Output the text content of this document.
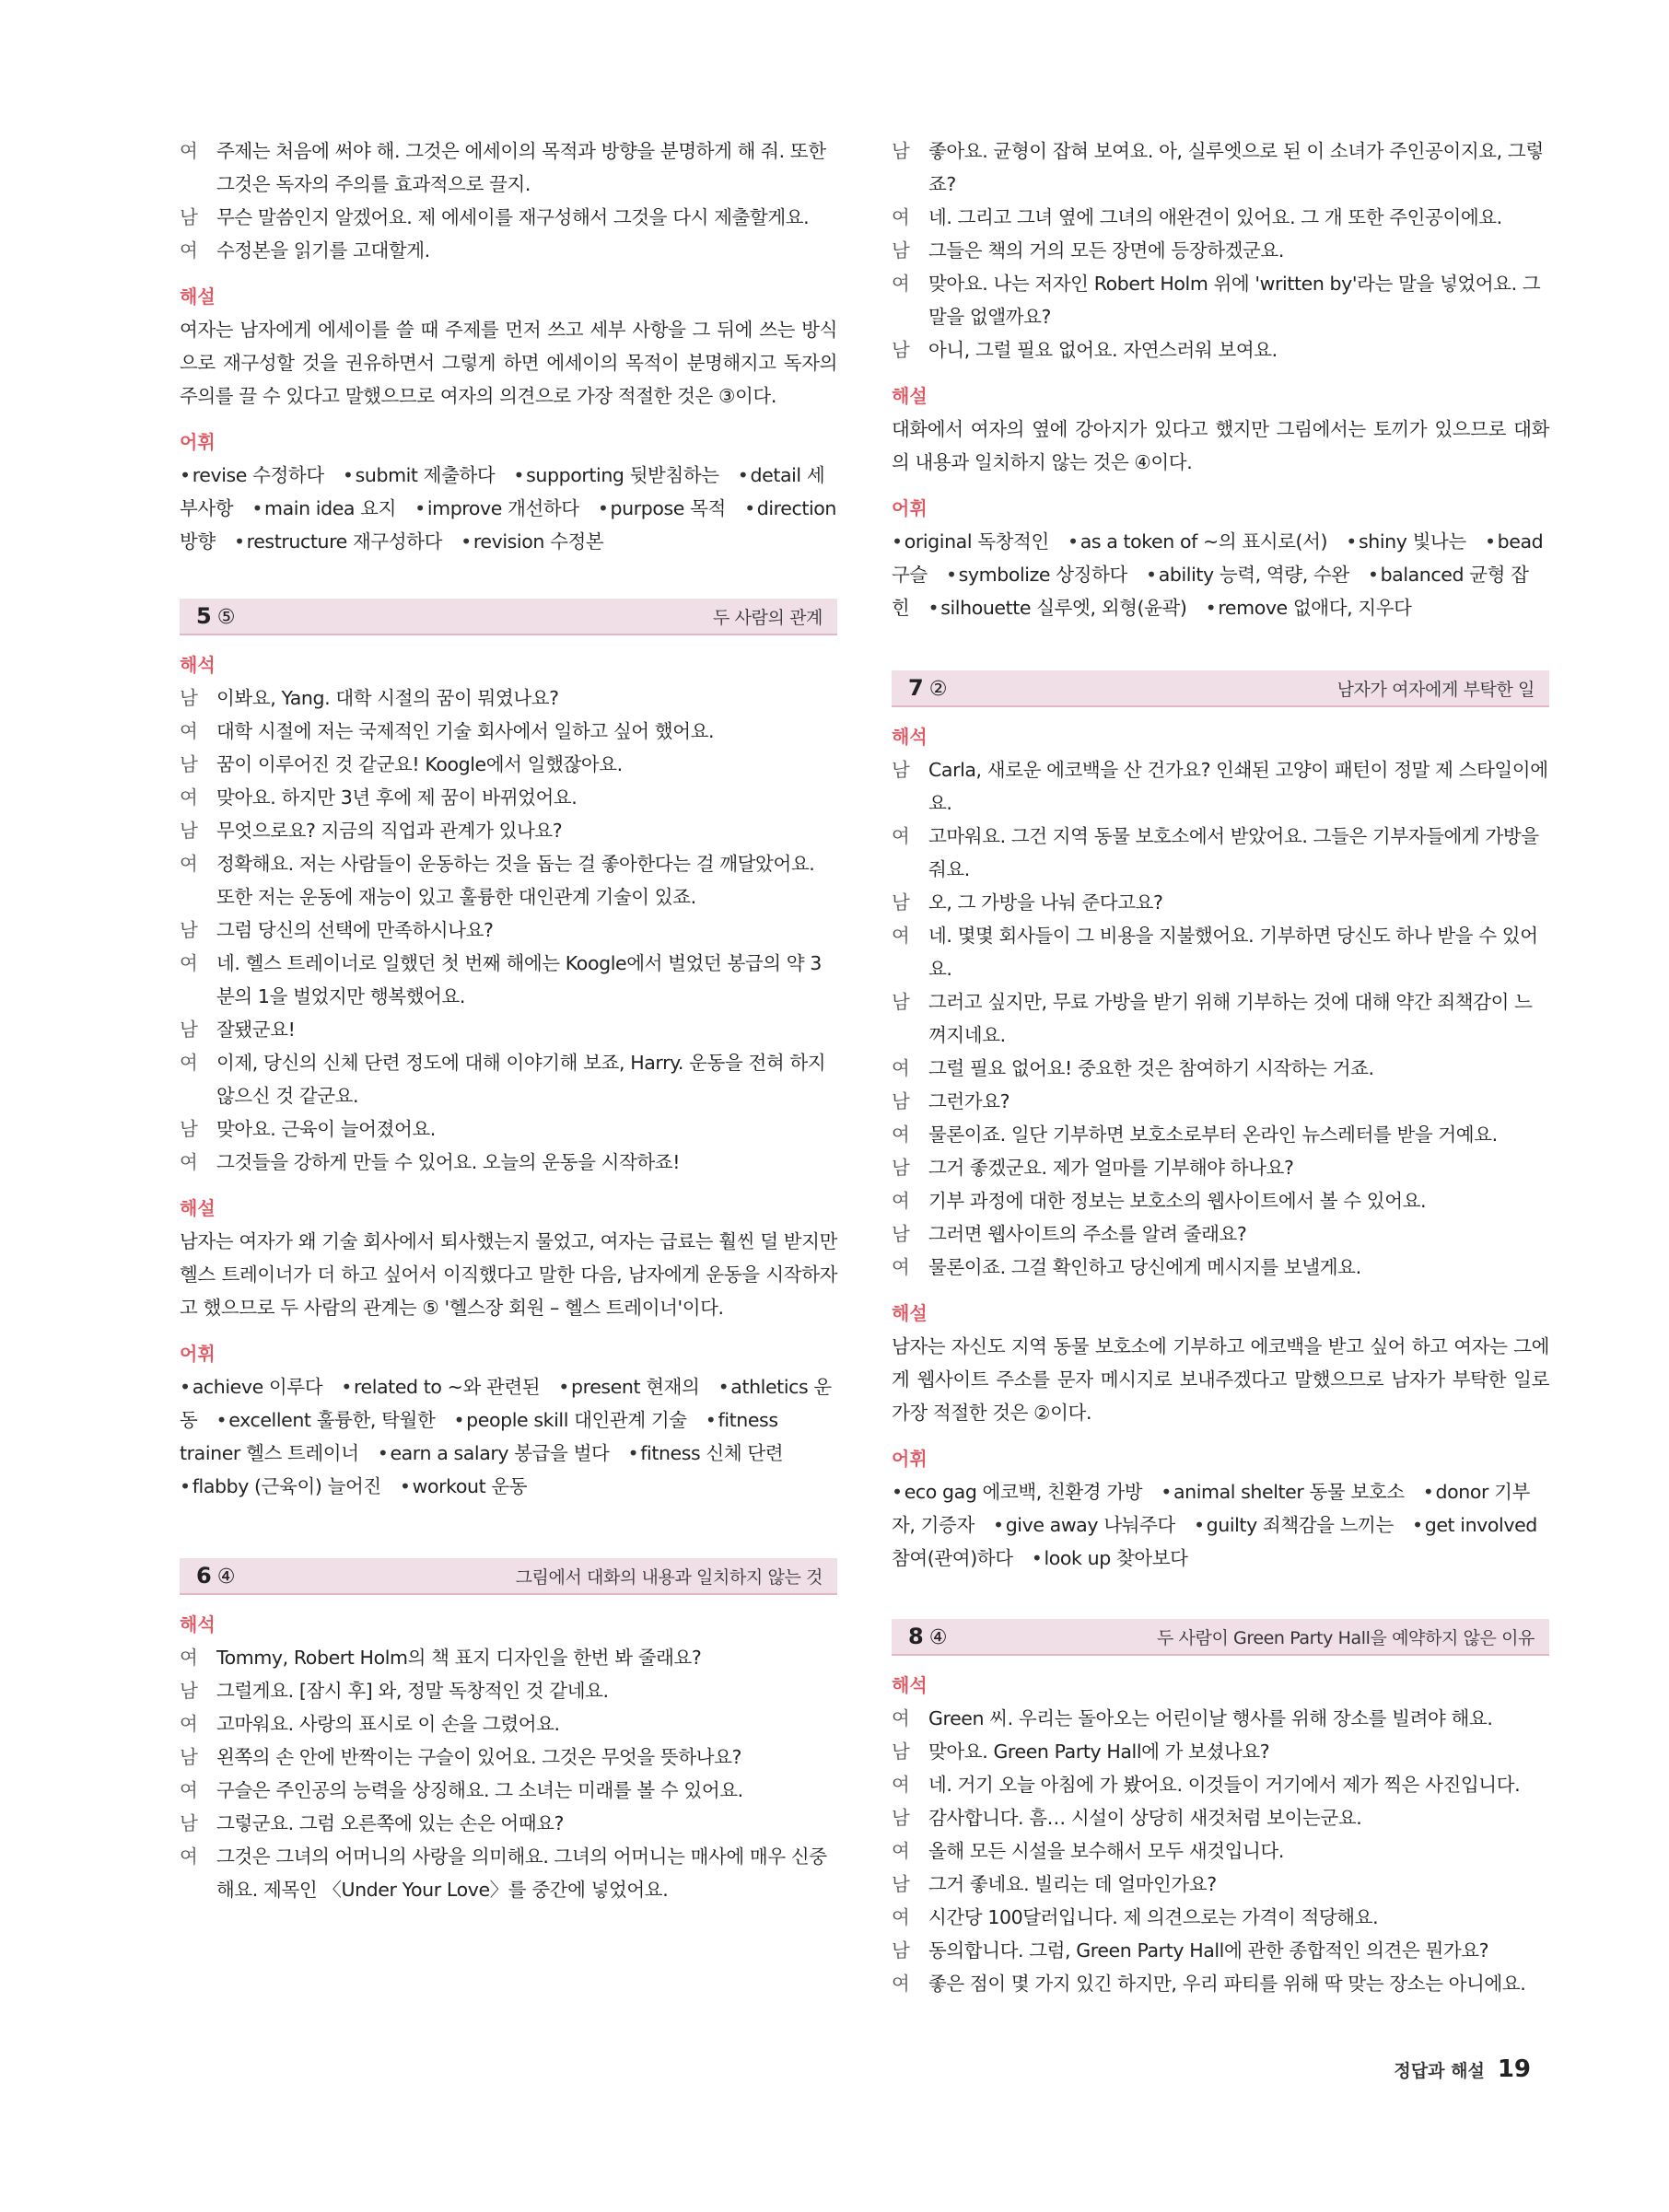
여	주제는 처음에 써야 해. 그것은 에세이의 목적과 방향을 분명하게 해 줘. 또한 그것은 독자의 주의를 효과적으로 끌지.
남	무슨 말씀인지 알겠어요. 제 에세이를 재구성해서 그것을 다시 제출할게요.
여	수정본을 읽기를 고대할게.
해설
여자는 남자에게 에세이를 쓸 때 주제를 먼저 쓰고 세부 사항을 그 뒤에 쓰는 방식으로 재구성할 것을 권유하면서 그렇게 하면 에세이의 목적이 분명해지고 독자의 주의를 끌 수 있다고 말했으므로 여자의 의견으로 가장 적절한 것은 ③이다.
어휘
•revise 수정하다 •submit 제출하다 •supporting 뒷받침하는 •detail 세부사항 •main idea 요지 •improve 개선하다 •purpose 목적 •direction 방향 •restructure 재구성하다 •revision 수정본
5 ⑤	두 사람의 관계
해석
남	이봐요, Yang. 대학 시절의 꿈이 뭐였나요?
여	대학 시절에 저는 국제적인 기술 회사에서 일하고 싶어 했어요.
남	꿈이 이루어진 것 같군요! Koogle에서 일했잖아요.
여	맞아요. 하지만 3년 후에 제 꿈이 바뀌었어요.
남	무엇으로요? 지금의 직업과 관계가 있나요?
여	정확해요. 저는 사람들이 운동하는 것을 돕는 걸 좋아한다는 걸 깨달았어요. 또한 저는 운동에 재능이 있고 훌륭한 대인관계 기술이 있죠.
남	그럼 당신의 선택에 만족하시나요?
여	네. 헬스 트레이너로 일했던 첫 번째 해에는 Koogle에서 벌었던 봉급의 약 3분의 1을 벌었지만 행복했어요.
남	잘됐군요!
여	이제, 당신의 신체 단련 정도에 대해 이야기해 보죠, Harry. 운동을 전혀 하지 않으신 것 같군요.
남	맞아요. 근육이 늘어졌어요.
여	그것들을 강하게 만들 수 있어요. 오늘의 운동을 시작하죠!
해설
남자는 여자가 왜 기술 회사에서 퇴사했는지 물었고, 여자는 급료는 훨씬 덜 받지만 헬스 트레이너가 더 하고 싶어서 이직했다고 말한 다음, 남자에게 운동을 시작하자고 했으므로 두 사람의 관계는 ⑤ '헬스장 회원 – 헬스 트레이너'이다.
어휘
•achieve 이루다 •related to ~와 관련된 •present 현재의 •athletics 운동 •excellent 훌륭한, 탁월한 •people skill 대인관계 기술 •fitness trainer 헬스 트레이너 •earn a salary 봉급을 벌다 •fitness 신체 단련 •flabby (근육이) 늘어진 •workout 운동
6 ④	그림에서 대화의 내용과 일치하지 않는 것
해석
여	Tommy, Robert Holm의 책 표지 디자인을 한번 봐 줄래요?
남	그럴게요. [잠시 후] 와, 정말 독창적인 것 같네요.
여	고마워요. 사랑의 표시로 이 손을 그렸어요.
남	왼쪽의 손 안에 반짝이는 구슬이 있어요. 그것은 무엇을 뜻하나요?
여	구슬은 주인공의 능력을 상징해요. 그 소녀는 미래를 볼 수 있어요.
남	그렇군요. 그럼 오른쪽에 있는 손은 어때요?
여	그것은 그녀의 어머니의 사랑을 의미해요. 그녀의 어머니는 매사에 매우 신중해요. 제목인 〈Under Your Love〉를 중간에 넣었어요.
남	좋아요. 균형이 잡혀 보여요. 아, 실루엣으로 된 이 소녀가 주인공이지요, 그렇죠?
여	네. 그리고 그녀 옆에 그녀의 애완견이 있어요. 그 개 또한 주인공이에요.
남	그들은 책의 거의 모든 장면에 등장하겠군요.
여	맞아요. 나는 저자인 Robert Holm 위에 'written by'라는 말을 넣었어요. 그 말을 없앨까요?
남	아니, 그럴 필요 없어요. 자연스러워 보여요.
해설
대화에서 여자의 옆에 강아지가 있다고 했지만 그림에서는 토끼가 있으므로 대화의 내용과 일치하지 않는 것은 ④이다.
어휘
•original 독창적인 •as a token of ~의 표시로(서) •shiny 빛나는 •bead 구슬 •symbolize 상징하다 •ability 능력, 역량, 수완 •balanced 균형 잡힌 •silhouette 실루엣, 외형(윤곽) •remove 없애다, 지우다
7 ②	남자가 여자에게 부탁한 일
해석
남	Carla, 새로운 에코백을 산 건가요? 인쇄된 고양이 패턴이 정말 제 스타일이에요.
여	고마워요. 그건 지역 동물 보호소에서 받았어요. 그들은 기부자들에게 가방을 줘요.
남	오, 그 가방을 나눠 준다고요?
여	네. 몇몇 회사들이 그 비용을 지불했어요. 기부하면 당신도 하나 받을 수 있어요.
남	그러고 싶지만, 무료 가방을 받기 위해 기부하는 것에 대해 약간 죄책감이 느껴지네요.
여	그럴 필요 없어요! 중요한 것은 참여하기 시작하는 거죠.
남	그런가요?
여	물론이죠. 일단 기부하면 보호소로부터 온라인 뉴스레터를 받을 거예요.
남	그거 좋겠군요. 제가 얼마를 기부해야 하나요?
여	기부 과정에 대한 정보는 보호소의 웹사이트에서 볼 수 있어요.
남	그러면 웹사이트의 주소를 알려 줄래요?
여	물론이죠. 그걸 확인하고 당신에게 메시지를 보낼게요.
해설
남자는 자신도 지역 동물 보호소에 기부하고 에코백을 받고 싶어 하고 여자는 그에게 웹사이트 주소를 문자 메시지로 보내주겠다고 말했으므로 남자가 부탁한 일로 가장 적절한 것은 ②이다.
어휘
•eco gag 에코백, 친환경 가방 •animal shelter 동물 보호소 •donor 기부자, 기증자 •give away 나눠주다 •guilty 죄책감을 느끼는 •get involved 참여(관여)하다 •look up 찾아보다
8 ④	두 사람이 Green Party Hall을 예약하지 않은 이유
해석
여	Green 씨. 우리는 돌아오는 어린이날 행사를 위해 장소를 빌려야 해요.
남	맞아요. Green Party Hall에 가 보셨나요?
여	네. 거기 오늘 아침에 가 봤어요. 이것들이 거기에서 제가 찍은 사진입니다.
남	감사합니다. 흠… 시설이 상당히 새것처럼 보이는군요.
여	올해 모든 시설을 보수해서 모두 새것입니다.
남	그거 좋네요. 빌리는 데 얼마인가요?
여	시간당 100달러입니다. 제 의견으로는 가격이 적당해요.
남	동의합니다. 그럼, Green Party Hall에 관한 종합적인 의견은 뭔가요?
여	좋은 점이 몇 가지 있긴 하지만, 우리 파티를 위해 딱 맞는 장소는 아니에요.
정답과 해설 19
